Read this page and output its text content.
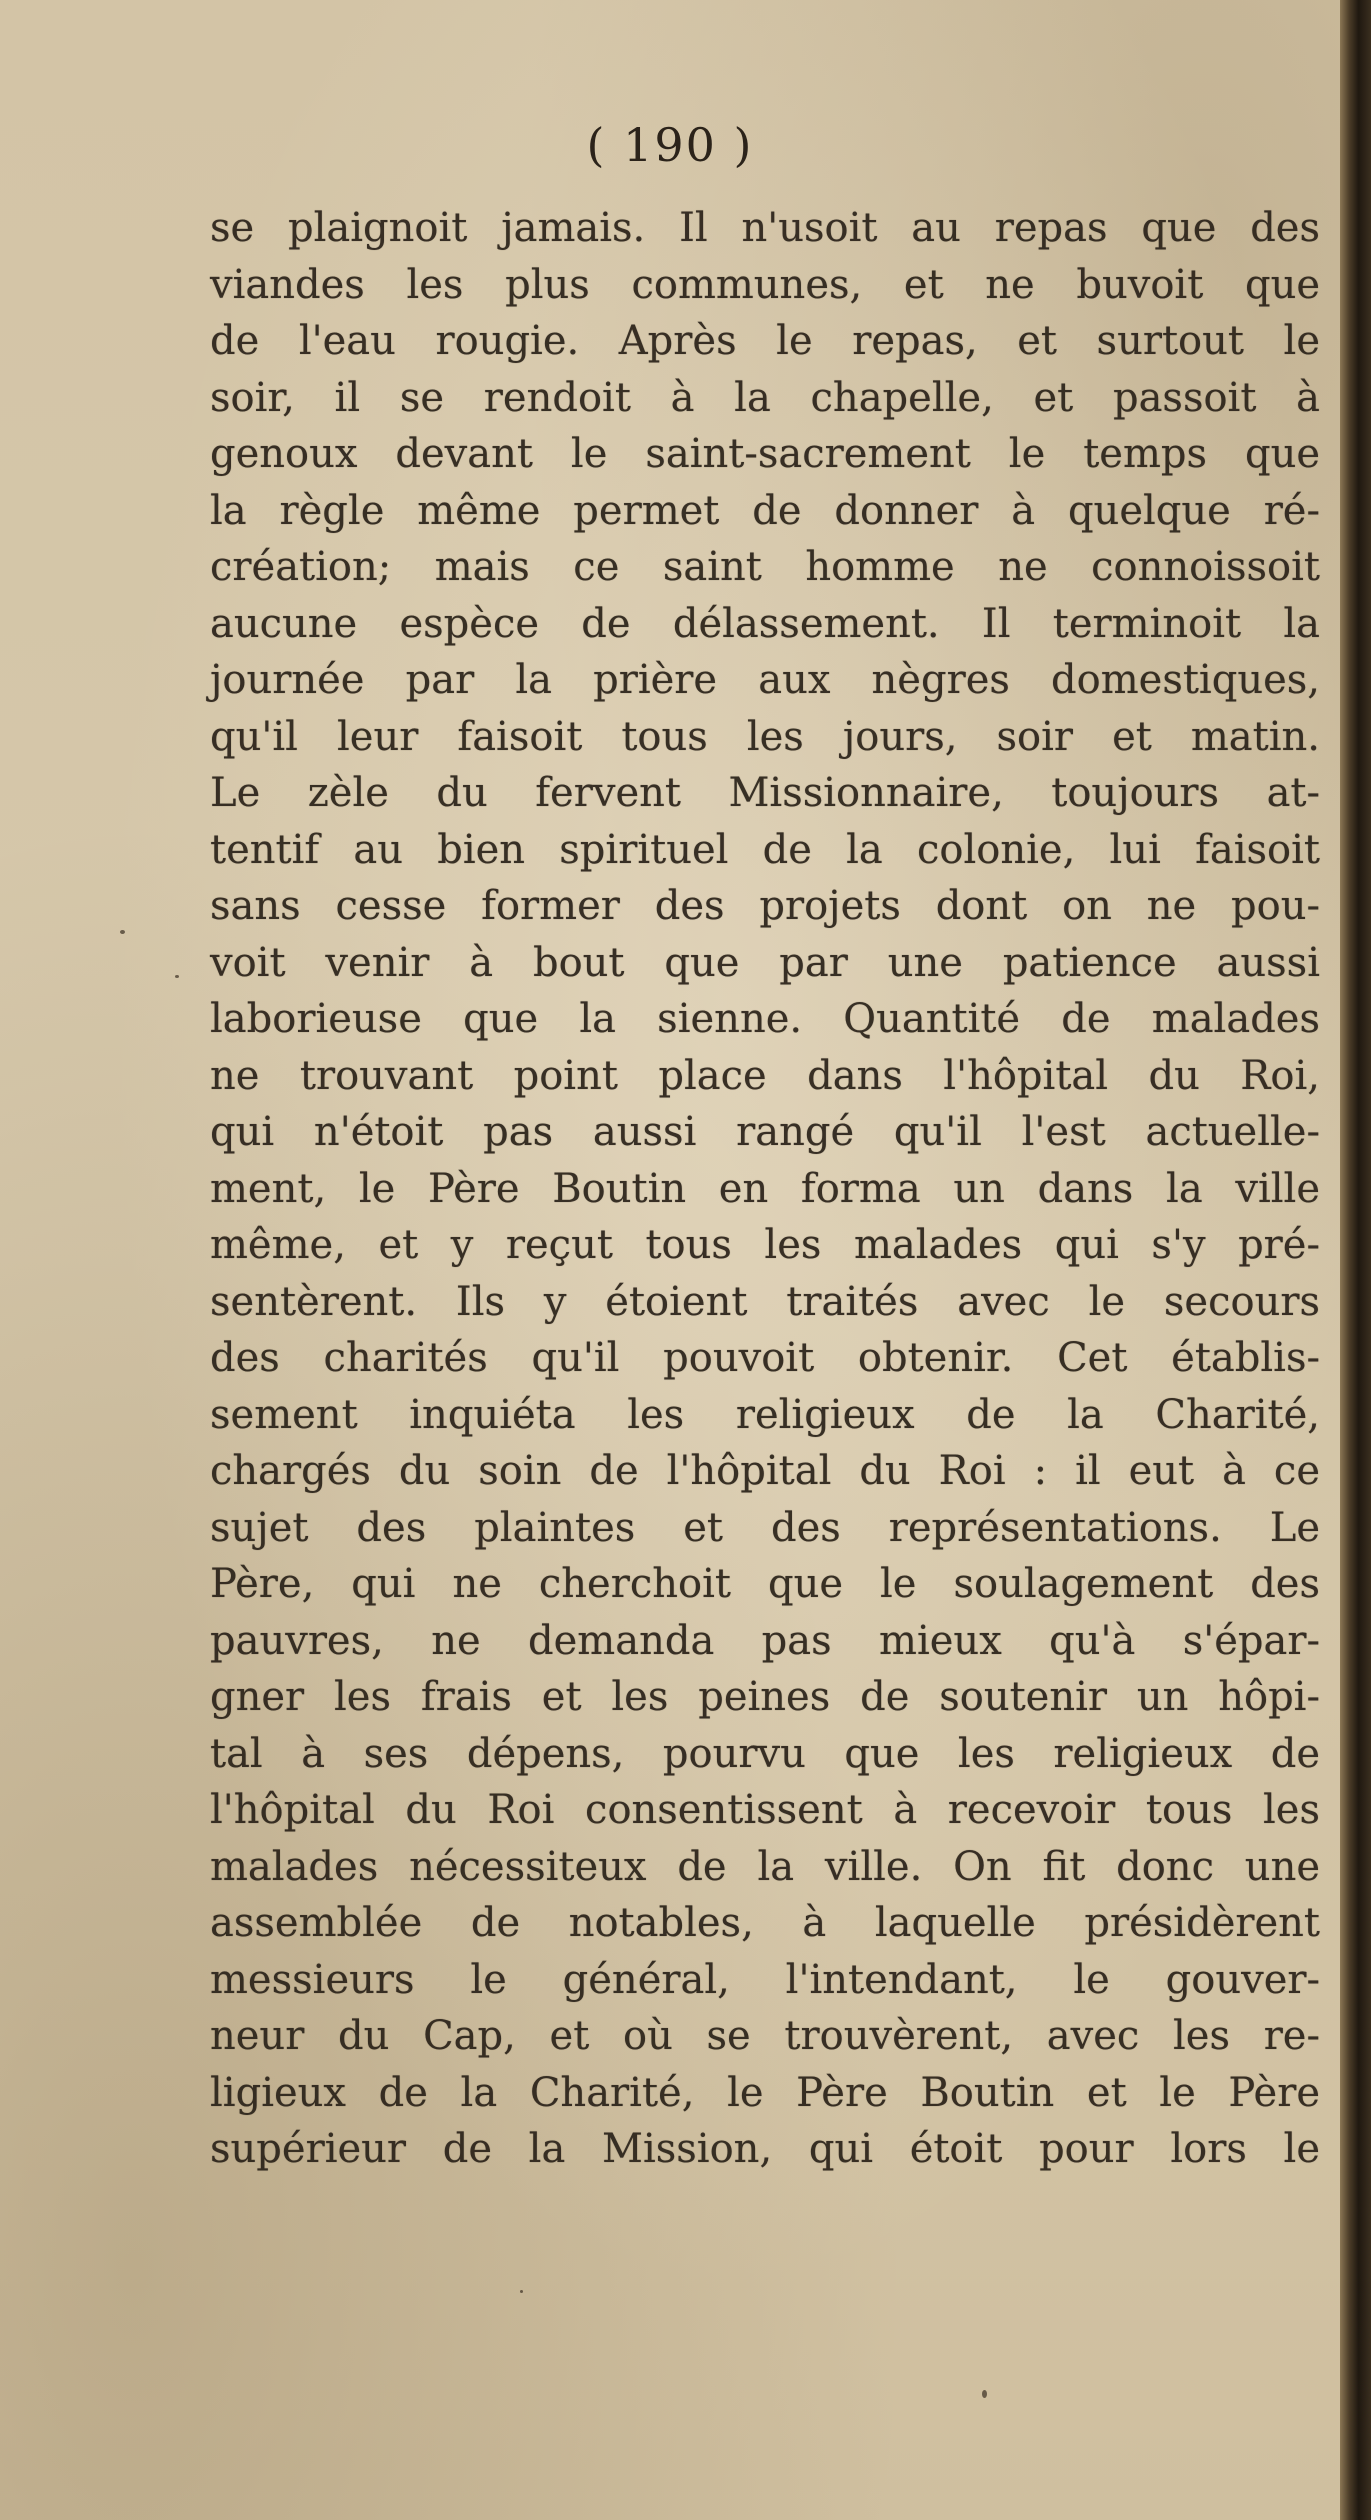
( 190 )
se plaignoit jamais. Il n'usoit au repas que des
viandes les plus communes, et ne buvoit que
de l'eau rougie. Après le repas, et surtout le
soir, il se rendoit à la chapelle, et passoit à
genoux devant le saint-sacrement le temps que
la règle même permet de donner à quelque ré-
création; mais ce saint homme ne connoissoit
aucune espèce de délassement. Il terminoit la
journée par la prière aux nègres domestiques,
qu'il leur faisoit tous les jours, soir et matin.
Le zèle du fervent Missionnaire, toujours at-
tentif au bien spirituel de la colonie, lui faisoit
sans cesse former des projets dont on ne pou-
voit venir à bout que par une patience aussi
laborieuse que la sienne. Quantité de malades
ne trouvant point place dans l'hôpital du Roi,
qui n'étoit pas aussi rangé qu'il l'est actuelle-
ment, le Père Boutin en forma un dans la ville
même, et y reçut tous les malades qui s'y pré-
sentèrent. Ils y étoient traités avec le secours
des charités qu'il pouvoit obtenir. Cet établis-
sement inquiéta les religieux de la Charité,
chargés du soin de l'hôpital du Roi : il eut à ce
sujet des plaintes et des représentations. Le
Père, qui ne cherchoit que le soulagement des
pauvres, ne demanda pas mieux qu'à s'épar-
gner les frais et les peines de soutenir un hôpi-
tal à ses dépens, pourvu que les religieux de
l'hôpital du Roi consentissent à recevoir tous les
malades nécessiteux de la ville. On fit donc une
assemblée de notables, à laquelle présidèrent
messieurs le général, l'intendant, le gouver-
neur du Cap, et où se trouvèrent, avec les re-
ligieux de la Charité, le Père Boutin et le Père
supérieur de la Mission, qui étoit pour lors le
